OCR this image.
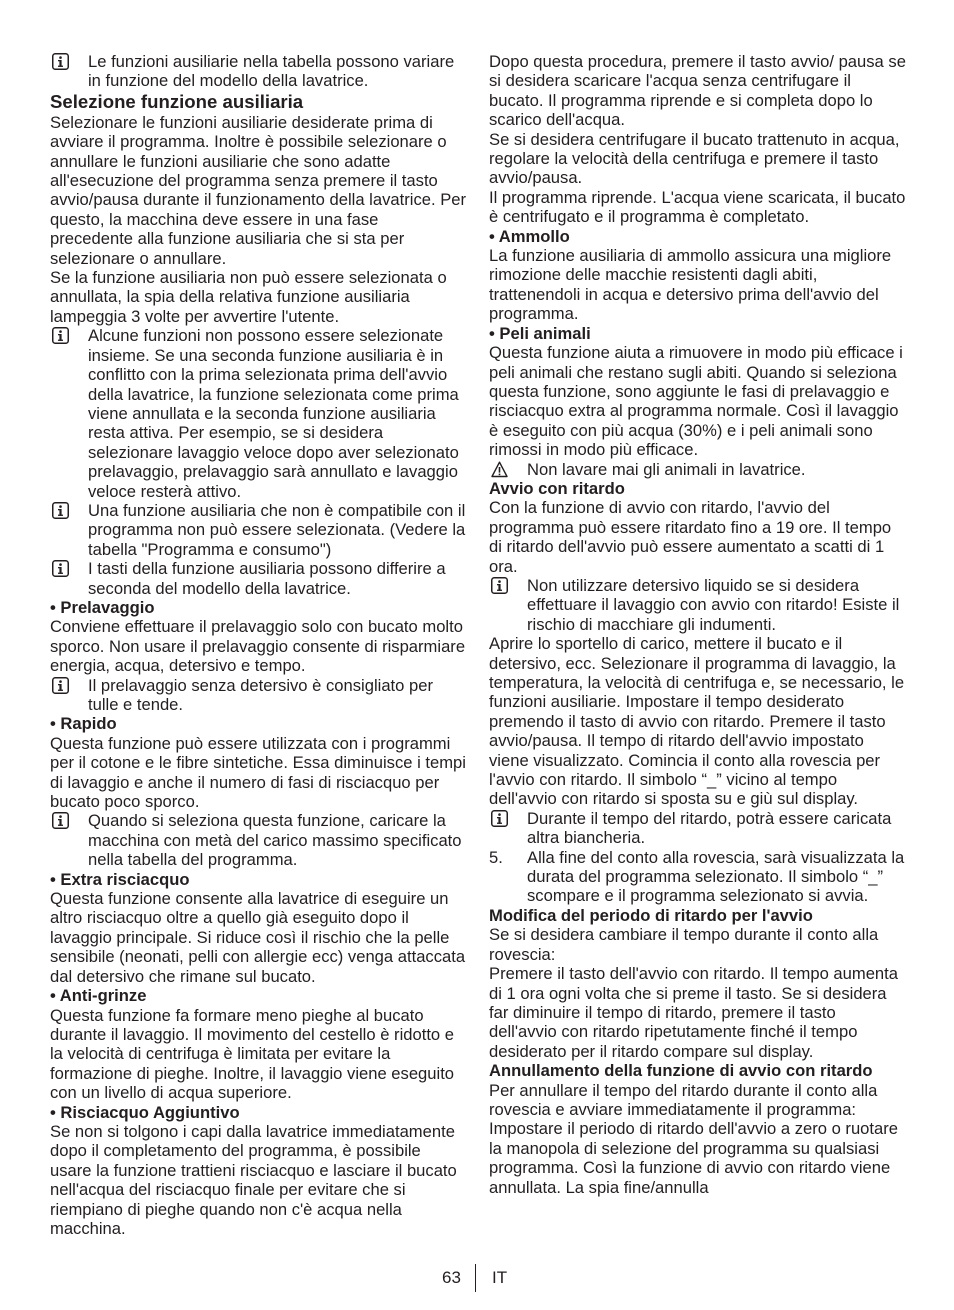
Le funzioni ausiliarie nella tabella possono variare in funzione del modello della lavatrice.
Selezione funzione ausiliaria

Selezionare le funzioni ausiliarie desiderate prima di avviare il programma. Inoltre è possibile selezionare o annullare le funzioni ausiliarie che sono adatte all'esecuzione del programma senza premere il tasto avvio/pausa durante il funzionamento della lavatrice. Per questo, la macchina deve essere in una fase precedente alla funzione ausiliaria che si sta per selezionare o annullare.

Se la funzione ausiliaria non può essere selezionata o annullata, la spia della relativa funzione ausiliaria lampeggia 3 volte per avvertire l'utente.

Alcune funzioni non possono essere selezionate insieme. Se una seconda funzione ausiliaria è in conflitto con la prima selezionata prima dell'avvio della lavatrice, la funzione selezionata come prima viene annullata e la seconda funzione ausiliaria resta attiva. Per esempio, se si desidera selezionare lavaggio veloce dopo aver selezionato prelavaggio, prelavaggio sarà annullato e lavaggio veloce resterà attivo.
Una funzione ausiliaria che non è compatibile con il programma non può essere selezionata. (Vedere la tabella "Programma e consumo")
I tasti della funzione ausiliaria possono differire a seconda del modello della lavatrice.
• Prelavaggio

Conviene effettuare il prelavaggio solo con bucato molto sporco. Non usare il prelavaggio consente di risparmiare energia, acqua, detersivo e tempo.

Il prelavaggio senza detersivo è consigliato per tulle e tende.
• Rapido

Questa funzione può essere utilizzata con i programmi per il cotone e le fibre sintetiche. Essa diminuisce i tempi di lavaggio e anche il numero di fasi di risciacquo per bucato poco sporco.

Quando si seleziona questa funzione, caricare la macchina con metà del carico massimo specificato nella tabella del programma.
• Extra risciacquo

Questa funzione consente alla lavatrice di eseguire un altro risciacquo oltre a quello già eseguito dopo il lavaggio principale. Si riduce così il rischio che la pelle sensibile (neonati, pelli con allergie ecc) venga attaccata dal detersivo che rimane sul bucato.

• Anti-grinze

Questa funzione fa formare meno pieghe al bucato durante il lavaggio. Il movimento del cestello è ridotto e la velocità di centrifuga è limitata per evitare la formazione di pieghe. Inoltre, il lavaggio viene eseguito con un livello di acqua superiore.

• Risciacquo Aggiuntivo

Se non si tolgono i capi dalla lavatrice immediatamente dopo il completamento del programma, è possibile usare la funzione trattieni risciacquo e lasciare il bucato nell'acqua del risciacquo finale per evitare che si riempiano di pieghe quando non c'è acqua nella macchina.

Dopo questa procedura, premere il tasto avvio/ pausa se si desidera scaricare l'acqua senza centrifugare il bucato. Il programma riprende e si completa dopo lo scarico dell'acqua.

Se si desidera centrifugare il bucato trattenuto in acqua, regolare la velocità della centrifuga e premere il tasto avvio/pausa.

Il programma riprende. L'acqua viene scaricata, il bucato è centrifugato e il programma è completato.

• Ammollo

La funzione ausiliaria di ammollo assicura una migliore rimozione delle macchie resistenti dagli abiti, trattenendoli in acqua e detersivo prima dell'avvio del programma.

• Peli animali

Questa funzione aiuta a rimuovere in modo più efficace i peli animali che restano sugli abiti. Quando si seleziona questa funzione, sono aggiunte le fasi di prelavaggio e risciacquo extra al programma normale. Così il lavaggio è eseguito con più acqua (30%) e i peli animali sono rimossi in modo più efficace.

Non lavare mai gli animali in lavatrice.
Avvio con ritardo

Con la funzione di avvio con ritardo, l'avvio del programma può essere ritardato fino a 19 ore. Il tempo di ritardo dell'avvio può essere aumentato a scatti di 1 ora.

Non utilizzare detersivo liquido se si desidera effettuare il lavaggio con avvio con ritardo! Esiste il rischio di macchiare gli indumenti.

Aprire lo sportello di carico, mettere il bucato e il detersivo, ecc. Selezionare il programma di lavaggio, la temperatura, la velocità di centrifuga e, se necessario, le funzioni ausiliarie. Impostare il tempo desiderato premendo il tasto di avvio con ritardo. Premere il tasto avvio/pausa. Il tempo di ritardo dell'avvio impostato viene visualizzato. Comincia il conto alla rovescia per l'avvio con ritardo. Il simbolo “_” vicino al tempo dell'avvio con ritardo si sposta su e giù sul display.

Durante il tempo del ritardo, potrà essere caricata altra biancheria.
5. Alla fine del conto alla rovescia, sarà visualizzata la durata del programma selezionato. Il simbolo “_” scompare e il programma selezionato si avvia.
Modifica del periodo di ritardo per l'avvio

Se si desidera cambiare il tempo durante il conto alla rovescia:

Premere il tasto dell'avvio con ritardo. Il tempo aumenta di 1 ora ogni volta che si preme il tasto. Se si desidera far diminuire il tempo di ritardo, premere il tasto dell'avvio con ritardo ripetutamente finché il tempo desiderato per il ritardo compare sul display.

Annullamento della funzione di avvio con ritardo

Per annullare il tempo del ritardo durante il conto alla rovescia e avviare immediatamente il programma: Impostare il periodo di ritardo dell'avvio a zero o ruotare la manopola di selezione del programma su qualsiasi programma. Così la funzione di avvio con ritardo viene annullata. La spia fine/annulla

63 IT
